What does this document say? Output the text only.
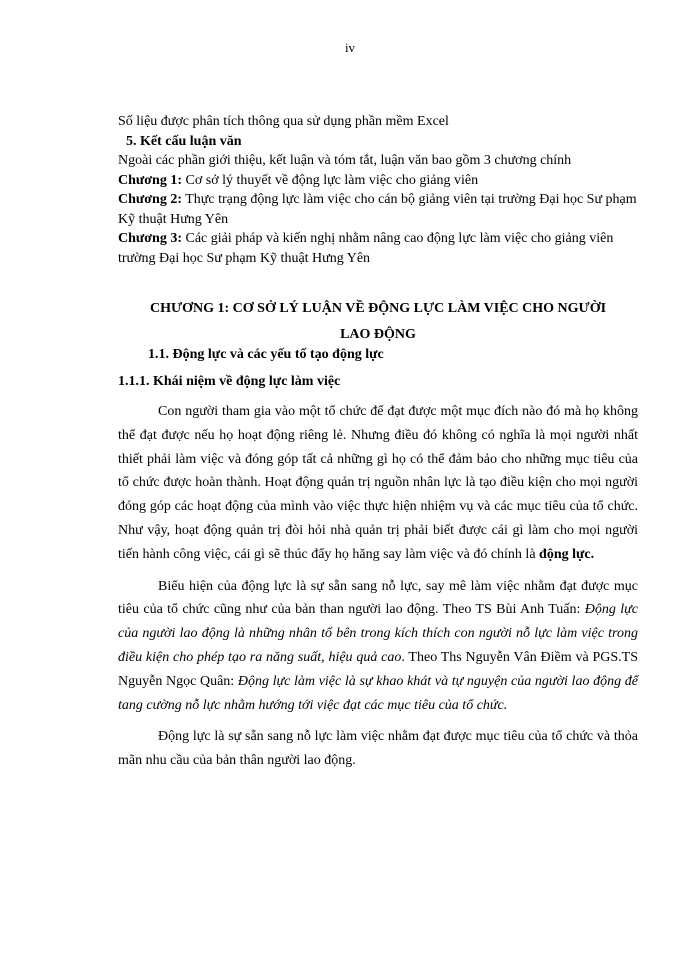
iv

Số liệu được phân tích thông qua sử dụng phần mềm Excel

5. Kết cấu luận văn

Ngoài các phần giới thiệu, kết luận và tóm tắt, luận văn bao gồm 3 chương chính

Chương 1: Cơ sở lý thuyết về động lực làm việc cho giảng viên

Chương 2: Thực trạng động lực làm việc cho cán bộ giảng viên tại trường Đại học Sư phạm Kỹ thuật Hưng Yên

Chương 3: Các giải pháp và kiến nghị nhằm nâng cao động lực làm việc cho giảng viên trường Đại học Sư phạm Kỹ thuật Hưng Yên

CHƯƠNG 1: CƠ SỞ LÝ LUẬN VỀ ĐỘNG LỰC LÀM VIỆC CHO NGƯỜI
LAO ĐỘNG
1.1. Động lực và các yếu tố tạo động lực
1.1.1. Khái niệm về động lực làm việc

Con người tham gia vào một tổ chức để đạt được một mục đích nào đó mà họ không thể đạt được nếu họ hoạt động riêng lẻ. Nhưng điều đó không có nghĩa là mọi người nhất thiết phải làm việc và đóng góp tất cả những gì họ có thể đảm bảo cho những mục tiêu của tổ chức được hoàn thành. Hoạt động quản trị nguồn nhân lực là tạo điều kiện cho mọi người đóng góp các hoạt động của mình vào việc thực hiện nhiệm vụ và các mục tiêu của tổ chức. Như vậy, hoạt động quản trị đòi hỏi nhà quản trị phải biết được cái gì làm cho mọi người tiến hành công việc, cái gì sẽ thúc đẩy họ hăng say làm việc và đó chính là động lực.

Biểu hiện của động lực là sự sẵn sang nỗ lực, say mê làm việc nhằm đạt được mục tiêu của tổ chức cũng như của bản than người lao động. Theo TS Bùi Anh Tuấn: Động lực của người lao động là những nhân tố bên trong kích thích con người nỗ lực làm việc trong điều kiện cho phép tạo ra năng suất, hiệu quả cao. Theo Ths Nguyễn Vân Điềm và PGS.TS Nguyễn Ngọc Quân: Động lực làm việc là sự khao khát và tự nguyện của người lao động để tang cường nỗ lực nhằm hướng tới việc đạt các mục tiêu của tổ chức.

Động lực là sự sẵn sang nỗ lực làm việc nhằm đạt được mục tiêu của tổ chức và thỏa mãn nhu cầu của bản thân người lao động.
